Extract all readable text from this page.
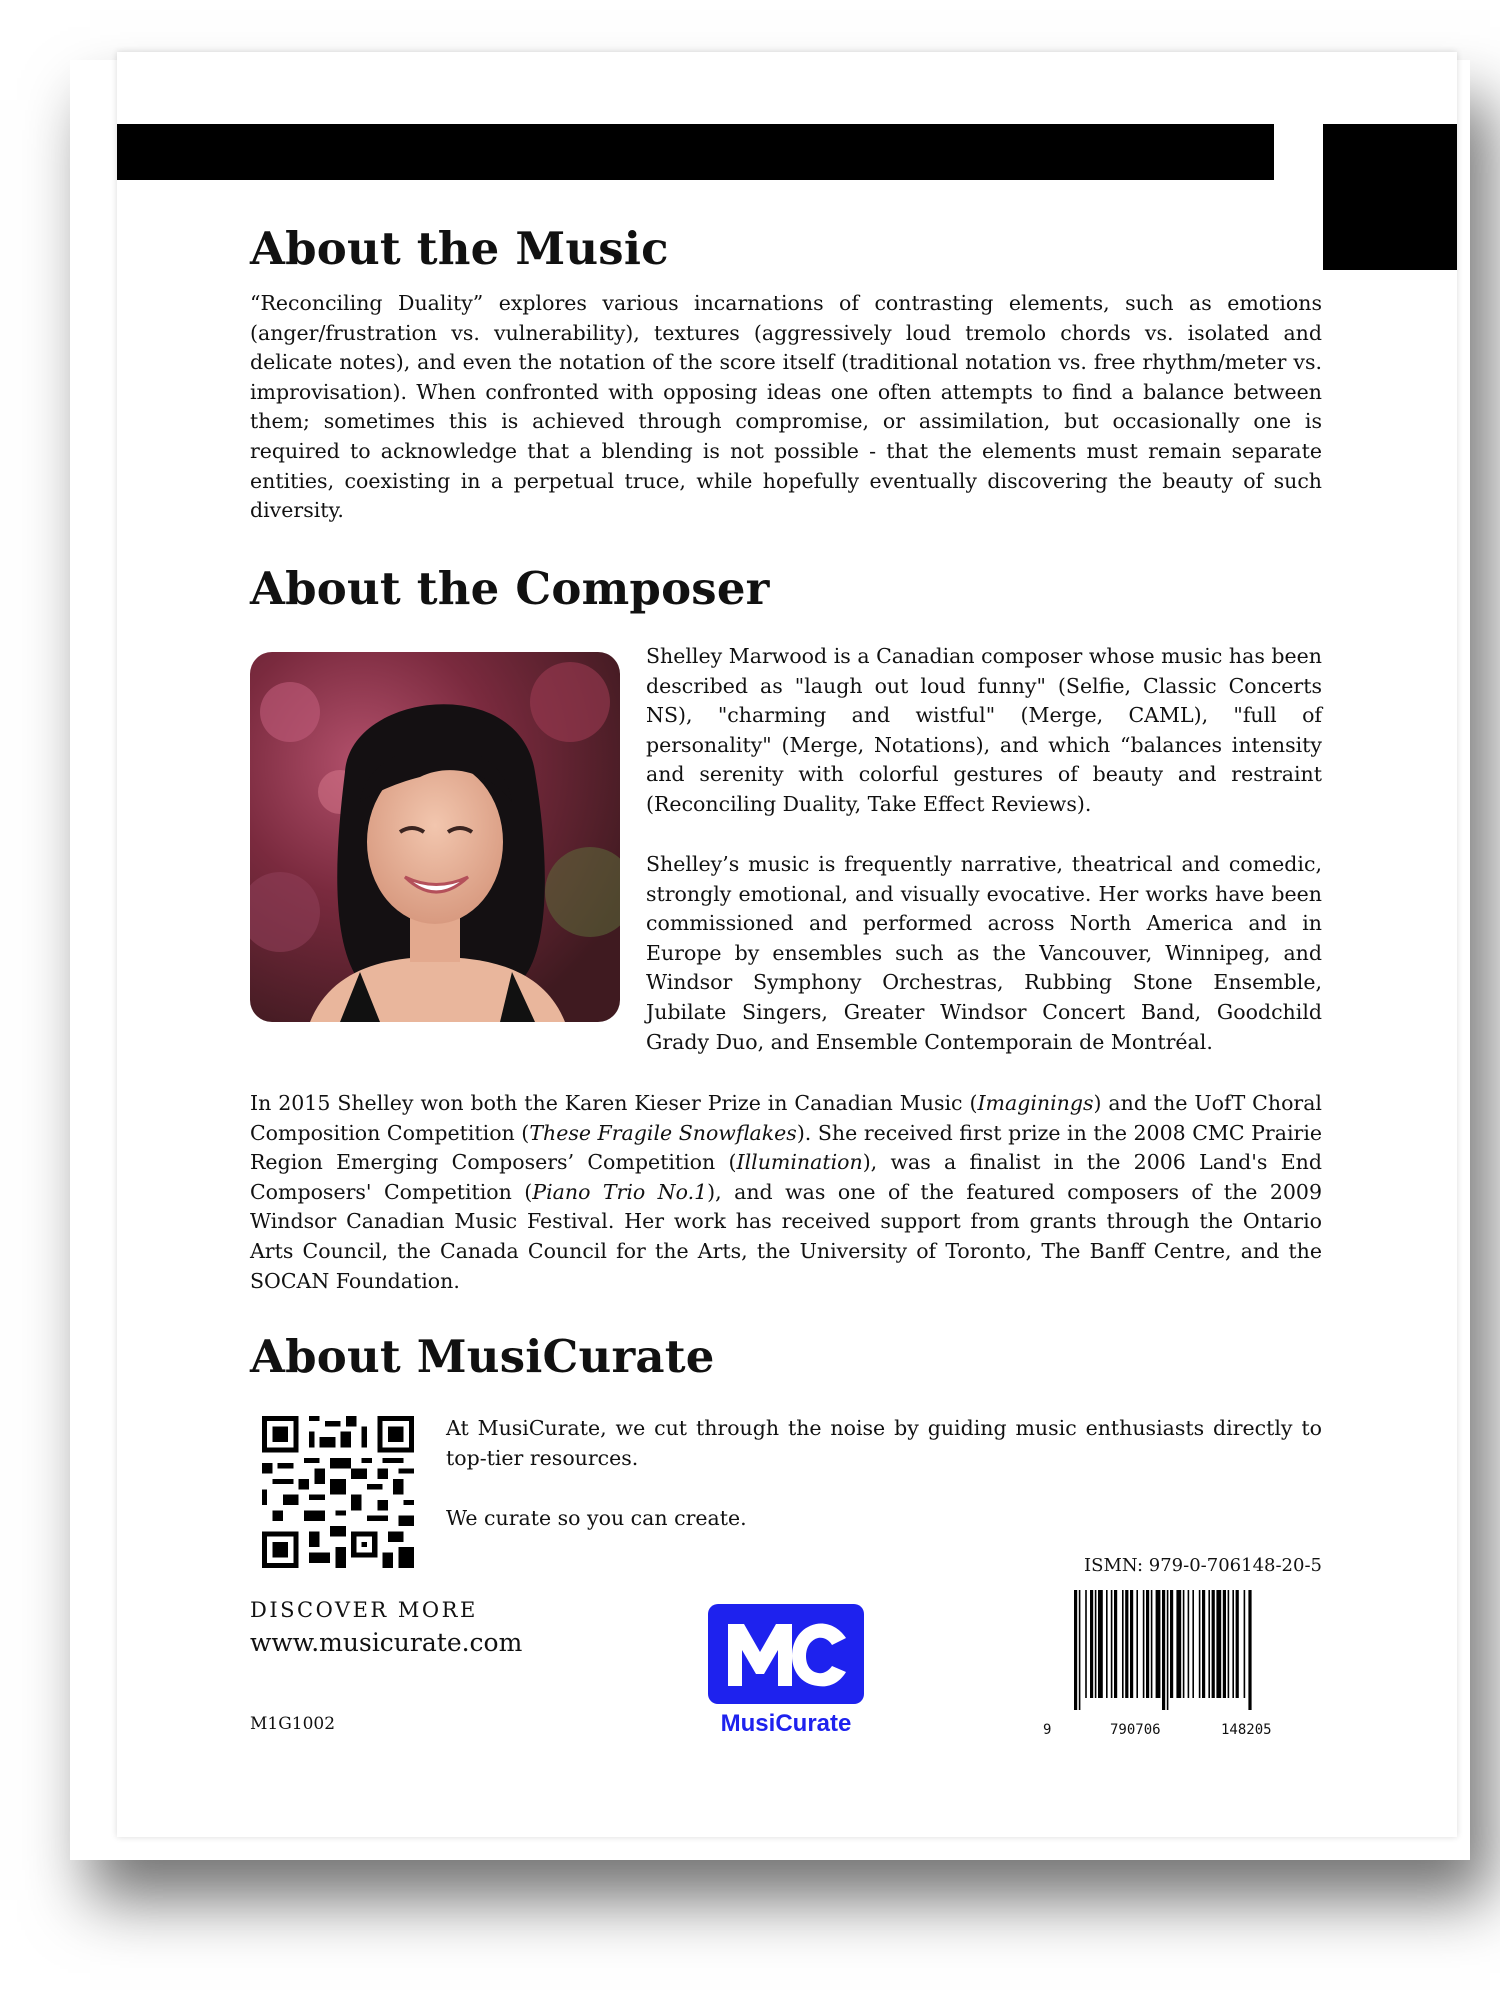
About the Music

“Reconciling Duality” explores various incarnations of contrasting elements, such as emotions (anger/frustration vs. vulnerability), textures (aggressively loud tremolo chords vs. isolated and delicate notes), and even the notation of the score itself (traditional notation vs. free rhythm/meter vs. improvisation). When confronted with opposing ideas one often attempts to find a balance between them; sometimes this is achieved through compromise, or assimilation, but occasionally one is required to acknowledge that a blending is not possible - that the elements must remain separate entities, coexisting in a perpetual truce, while hopefully eventually discovering the beauty of such diversity.

About the Composer

Shelley Marwood is a Canadian composer whose music has been described as "laugh out loud funny" (Selfie, Classic Concerts NS), "charming and wistful" (Merge, CAML), "full of personality" (Merge, Notations), and which “balances intensity and serenity with colorful gestures of beauty and restraint (Reconciling Duality, Take Effect Reviews).

Shelley’s music is frequently narrative, theatrical and comedic, strongly emotional, and visually evocative. Her works have been commissioned and performed across North America and in Europe by ensembles such as the Vancouver, Winnipeg, and Windsor Symphony Orchestras, Rubbing Stone Ensemble, Jubilate Singers, Greater Windsor Concert Band, Goodchild Grady Duo, and Ensemble Contemporain de Montréal.

In 2015 Shelley won both the Karen Kieser Prize in Canadian Music (Imaginings) and the UofT Choral Composition Competition (These Fragile Snowflakes). She received first prize in the 2008 CMC Prairie Region Emerging Composers’ Competition (Illumination), was a finalist in the 2006 Land's End Composers' Competition (Piano Trio No.1), and was one of the featured composers of the 2009 Windsor Canadian Music Festival. Her work has received support from grants through the Ontario Arts Council, the Canada Council for the Arts, the University of Toronto, The Banff Centre, and the SOCAN Foundation.

About MusiCurate

At MusiCurate, we cut through the noise by guiding music enthusiasts directly to top-tier resources.

We curate so you can create.

DISCOVER MORE
www.musicurate.com
M1G1002	MusiCurate
ISMN: 979-0-706148-20-5
9	790706	148205
